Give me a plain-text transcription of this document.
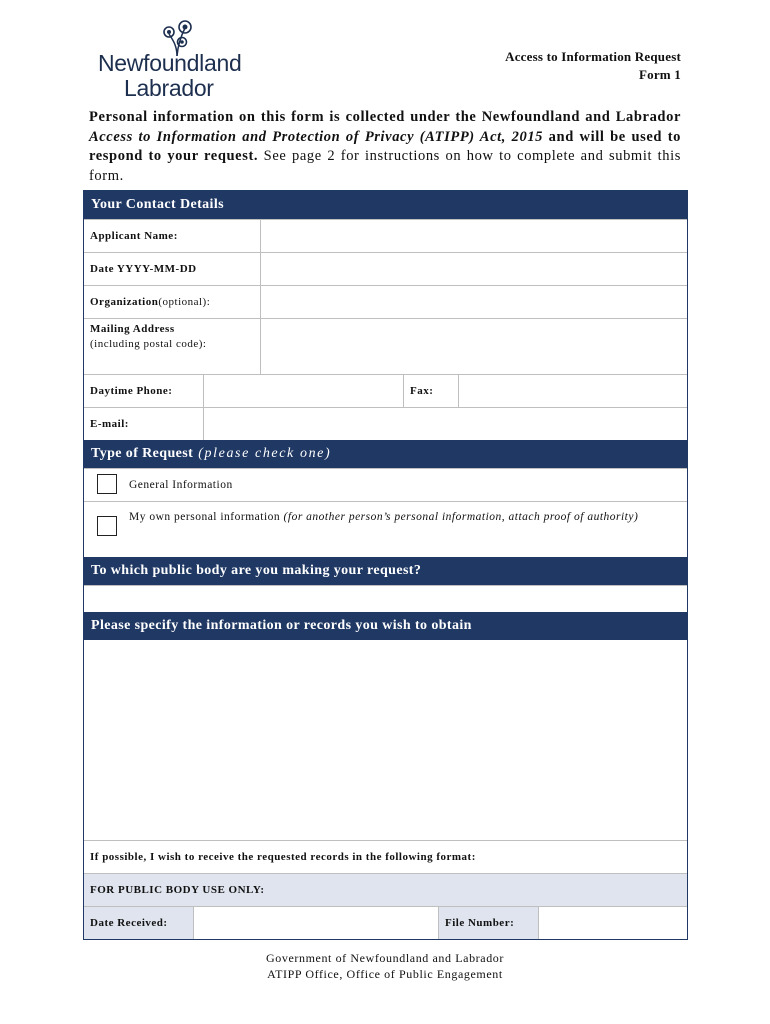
Newfoundland
Labrador
Access to Information Request
Form 1
Personal information on this form is collected under the Newfoundland and Labrador Access to Information and Protection of Privacy (ATIPP) Act, 2015 and will be used to respond to your request. See page 2 for instructions on how to complete and submit this form.
Your Contact Details
Applicant Name:
Date YYYY-MM-DD
Organization (optional):
Mailing Address
(including postal code):
Daytime Phone:	Fax:
E-mail:
Type of Request (please check one)
General Information
My own personal information (for another person’s personal information, attach proof of authority)
To which public body are you making your request?
Please specify the information or records you wish to obtain
If possible, I wish to receive the requested records in the following format:
FOR PUBLIC BODY USE ONLY:
Date Received:	File Number:
Government of Newfoundland and Labrador
ATIPP Office, Office of Public Engagement
